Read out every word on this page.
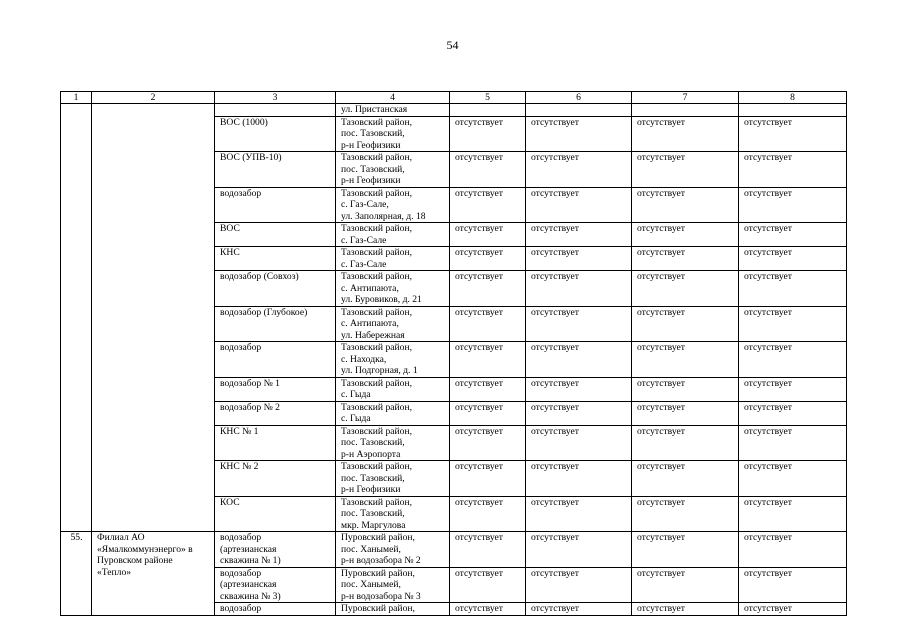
54
1	2	3	4	5	6	7	8

			ул. Пристанская				

		ВОС (1000)	Тазовский район,
пос. Тазовский,
р-н Геофизики	отсутствует	отсутствует	отсутствует	отсутствует

		ВОС (УПВ-10)	Тазовский район,
пос. Тазовский,
р-н Геофизики	отсутствует	отсутствует	отсутствует	отсутствует

		водозабор	Тазовский район,
с. Газ-Сале,
ул. Заполярная, д. 18	отсутствует	отсутствует	отсутствует	отсутствует

		ВОС	Тазовский район,
с. Газ-Сале	отсутствует	отсутствует	отсутствует	отсутствует

		КНС	Тазовский район,
с. Газ-Сале	отсутствует	отсутствует	отсутствует	отсутствует

		водозабор (Совхоз)	Тазовский район,
с. Антипаюта,
ул. Буровиков, д. 21	отсутствует	отсутствует	отсутствует	отсутствует

		водозабор (Глубокое)	Тазовский район,
с. Антипаюта,
ул. Набережная	отсутствует	отсутствует	отсутствует	отсутствует

		водозабор	Тазовский район,
с. Находка,
ул. Подгорная, д. 1	отсутствует	отсутствует	отсутствует	отсутствует

		водозабор № 1	Тазовский район,
с. Гыда	отсутствует	отсутствует	отсутствует	отсутствует

		водозабор № 2	Тазовский район,
с. Гыда	отсутствует	отсутствует	отсутствует	отсутствует

		КНС № 1	Тазовский район,
пос. Тазовский,
р-н Аэропорта	отсутствует	отсутствует	отсутствует	отсутствует

		КНС № 2	Тазовский район,
пос. Тазовский,
р-н Геофизики	отсутствует	отсутствует	отсутствует	отсутствует

		КОС	Тазовский район,
пос. Тазовский,
мкр. Маргулова	отсутствует	отсутствует	отсутствует	отсутствует
55.	Филиал АО
«Ямалкоммунэнерго» в
Пуровском районе
«Тепло»	водозабор
(артезианская
скважина № 1)	Пуровский район,
пос. Ханымей,
р-н водозабора № 2	отсутствует	отсутствует	отсутствует	отсутствует

		водозабор
(артезианская
скважина № 3)	Пуровский район,
пос. Ханымей,
р-н водозабора № 3	отсутствует	отсутствует	отсутствует	отсутствует

		водозабор	Пуровский район,	отсутствует	отсутствует	отсутствует	отсутствует
